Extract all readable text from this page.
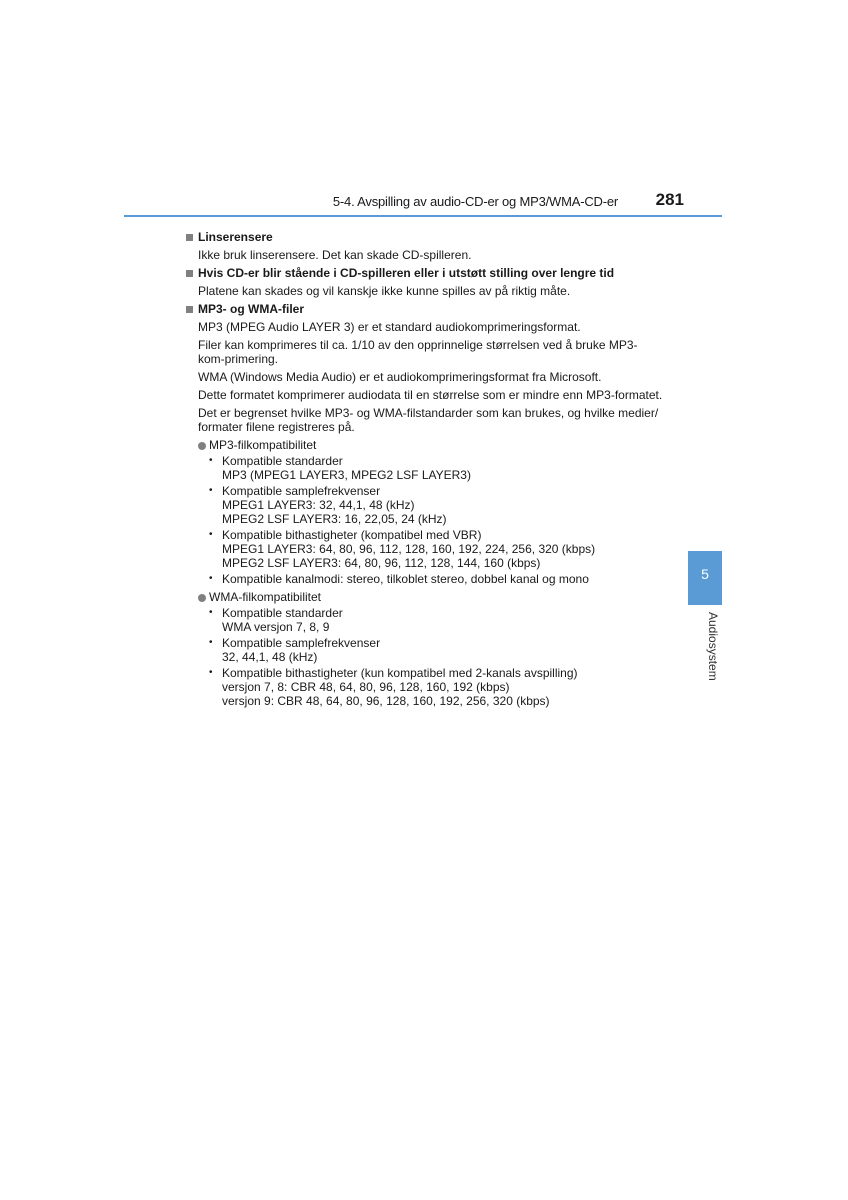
5-4. Avspilling av audio-CD-er og MP3/WMA-CD-er	281
5
Audiosystem
Linserensere
Ikke bruk linserensere. Det kan skade CD-spilleren.
Hvis CD-er blir stående i CD-spilleren eller i utstøtt stilling over lengre tid
Platene kan skades og vil kanskje ikke kunne spilles av på riktig måte.
MP3- og WMA-filer
MP3 (MPEG Audio LAYER 3) er et standard audiokomprimeringsformat.
Filer kan komprimeres til ca. 1/10 av den opprinnelige størrelsen ved å bruke MP3-kom-primering.
WMA (Windows Media Audio) er et audiokomprimeringsformat fra Microsoft.
Dette formatet komprimerer audiodata til en størrelse som er mindre enn MP3-formatet.
Det er begrenset hvilke MP3- og WMA-filstandarder som kan brukes, og hvilke medier/ formater filene registreres på.
MP3-filkompatibilitet
• Kompatible standarder
MP3 (MPEG1 LAYER3, MPEG2 LSF LAYER3)
• Kompatible samplefrekvenser
MPEG1 LAYER3: 32, 44,1, 48 (kHz)
MPEG2 LSF LAYER3: 16, 22,05, 24 (kHz)
• Kompatible bithastigheter (kompatibel med VBR)
MPEG1 LAYER3: 64, 80, 96, 112, 128, 160, 192, 224, 256, 320 (kbps)
MPEG2 LSF LAYER3: 64, 80, 96, 112, 128, 144, 160 (kbps)
• Kompatible kanalmodi: stereo, tilkoblet stereo, dobbel kanal og mono
WMA-filkompatibilitet
• Kompatible standarder
WMA versjon 7, 8, 9
• Kompatible samplefrekvenser
32, 44,1, 48 (kHz)
• Kompatible bithastigheter (kun kompatibel med 2-kanals avspilling)
versjon 7, 8: CBR 48, 64, 80, 96, 128, 160, 192 (kbps)
versjon 9: CBR 48, 64, 80, 96, 128, 160, 192, 256, 320 (kbps)
